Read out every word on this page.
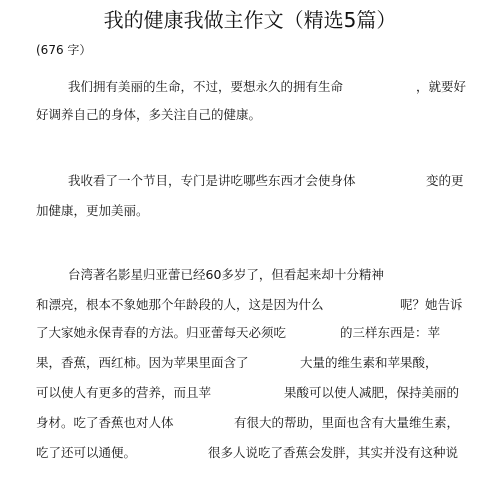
我的健康我做主作文（精选5篇）
(676 字）
我们拥有美丽的生命，不过，要想永久的拥有生命	，就要好
好调养自己的身体，多关注自己的健康。
我收看了一个节目，专门是讲吃哪些东西才会使身体	变的更
加健康，更加美丽。
台湾著名影星归亚蕾已经60多岁了，但看起来却十分精神
和漂亮，根本不象她那个年龄段的人，这是因为什么	呢？她告诉
了大家她永保青春的方法。归亚蕾每天必须吃	的三样东西是：苹
果，香蕉，西红柿。因为苹果里面含了	大量的维生素和苹果酸，
可以使人有更多的营养，而且苹	果酸可以使人减肥，保持美丽的
身材。吃了香蕉也对人体	有很大的帮助，里面也含有大量维生素，
吃了还可以通便。	很多人说吃了香蕉会发胖，其实并没有这种说
